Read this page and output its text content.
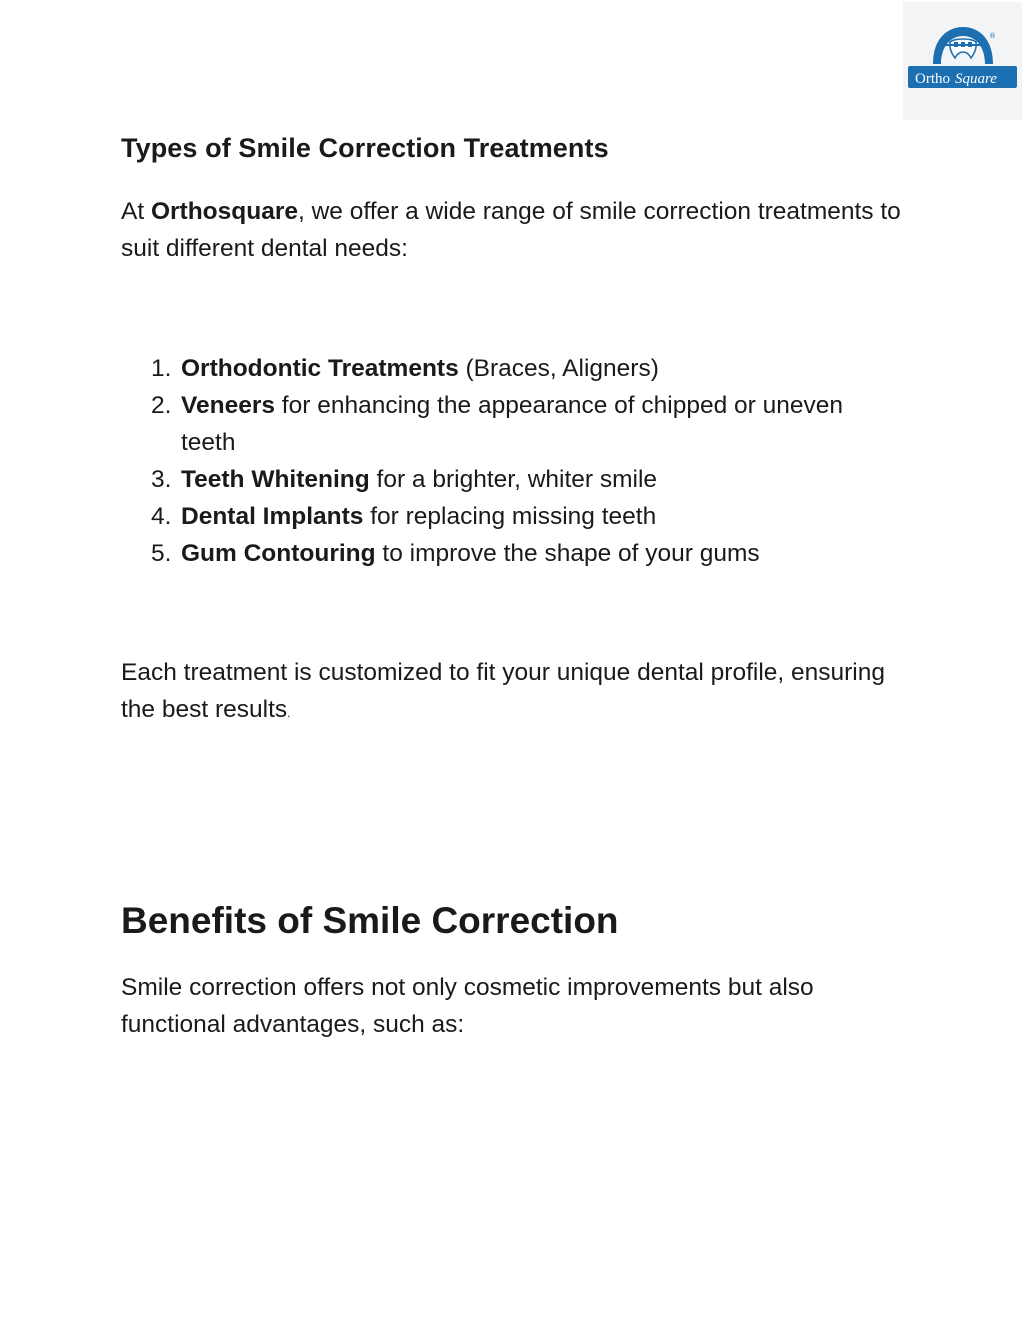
®
Ortho Square
Types of Smile Correction Treatments

At Orthosquare, we offer a wide range of smile correction treatments to suit different dental needs:

1. Orthodontic Treatments (Braces, Aligners)
2. Veneers for enhancing the appearance of chipped or uneven teeth
3. Teeth Whitening for a brighter, whiter smile
4. Dental Implants for replacing missing teeth
5. Gum Contouring to improve the shape of your gums

Each treatment is customized to fit your unique dental profile, ensuring the best results.

Benefits of Smile Correction

Smile correction offers not only cosmetic improvements but also functional advantages, such as:
